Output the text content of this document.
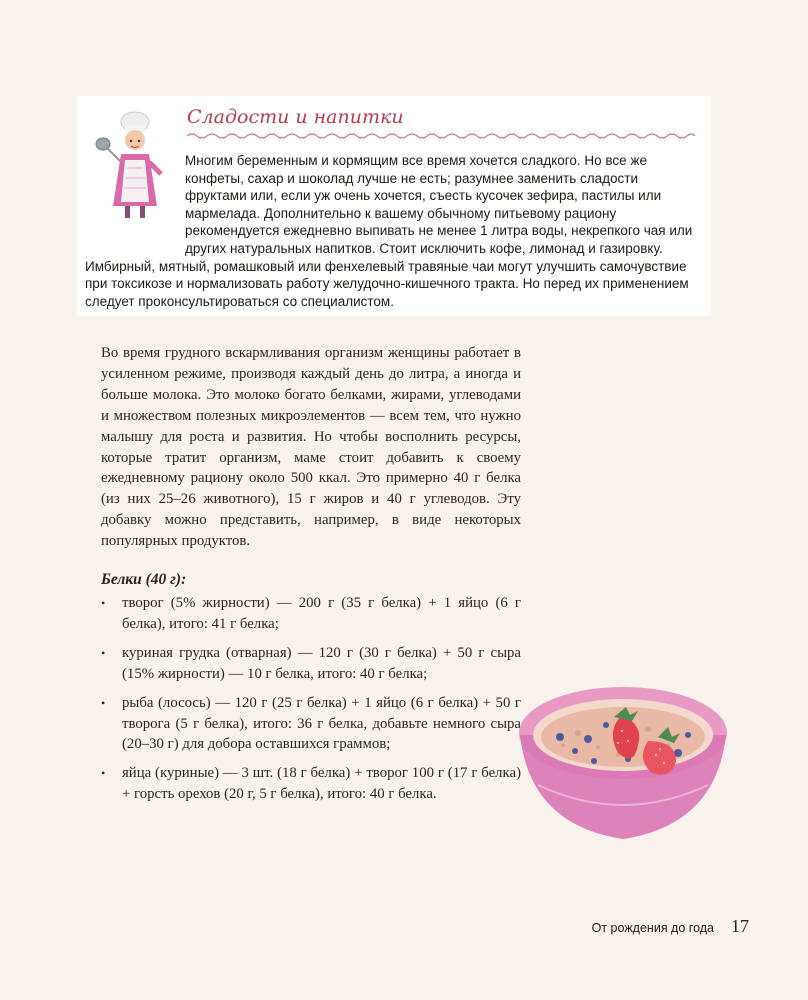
Сладости и напитки
Многим беременным и кормящим все время хочется сладкого. Но все же конфеты, сахар и шоколад лучше не есть; разумнее заменить сладости фруктами или, если уж очень хочется, съесть кусочек зефира, пастилы или мармелада. Дополнительно к вашему обычному питьевому рациону рекомендуется ежедневно выпивать не менее 1 литра воды, некрепкого чая или других натуральных напитков. Стоит исключить кофе, лимонад и газировку. Имбирный, мятный, ромашковый или фенхелевый травяные чаи могут улучшить самочувствие при токсикозе и нормализовать работу желудочно-кишечного тракта. Но перед их применением следует проконсультироваться со специалистом.

Во время грудного вскармливания организм женщины работает в усиленном режиме, производя каждый день до литра, а иногда и больше молока. Это молоко богато белками, жирами, углеводами и множеством полезных микроэлементов — всем тем, что нужно малышу для роста и развития. Но чтобы восполнить ресурсы, которые тратит организм, маме стоит добавить к своему ежедневному рациону около 500 ккал. Это примерно 40 г белка (из них 25–26 животного), 15 г жиров и 40 г углеводов. Эту добавку можно представить, например, в виде некоторых популярных продуктов.

Белки (40 г):
• творог (5% жирности) — 200 г (35 г белка) + 1 яйцо (6 г белка), итого: 41 г белка;
• куриная грудка (отварная) — 120 г (30 г белка) + 50 г сыра (15% жирности) — 10 г белка, итого: 40 г белка;
• рыба (лосось) — 120 г (25 г белка) + 1 яйцо (6 г белка) + 50 г творога (5 г белка), итого: 36 г белка, добавьте немного сыра (20–30 г) для добора оставшихся граммов;
• яйца (куриные) — 3 шт. (18 г белка) + творог 100 г (17 г белка) + горсть орехов (20 г, 5 г белка), итого: 40 г белка.
От рождения до года 17
